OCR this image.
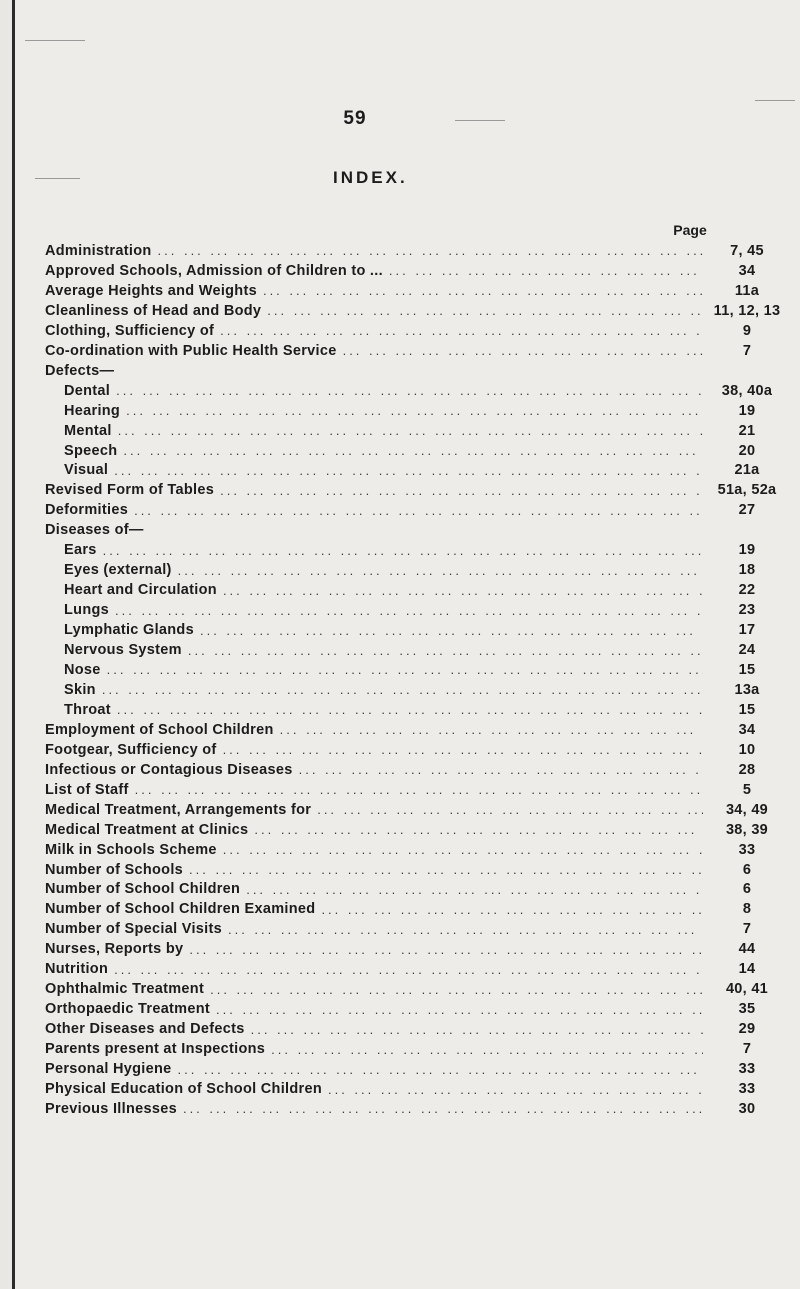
59
INDEX.
Page
Administration ... .	7, 45
Approved Schools, Admission of Children to ... ... .	34
Average Heights and Weights ... .	11a
Cleanliness of Head and Body ... .	11, 12, 13
Clothing, Sufficiency of ... .	9
Co-ordination with Public Health Service ... .	7
Defects—
Dental ... .	38, 40a
Hearing ... .	19
Mental ... .	21
Speech ... .	20
Visual ... .	21a
Revised Form of Tables ... .	51a, 52a
Deformities ... .	27
Diseases of—
Ears ... .	19
Eyes (external) ... .	18
Heart and Circulation ... .	22
Lungs ... .	23
Lymphatic Glands ... .	17
Nervous System ... .	24
Nose ... .	15
Skin ... .	13a
Throat ... .	15
Employment of School Children ... .	34
Footgear, Sufficiency of ... .	10
Infectious or Contagious Diseases ... .	28
List of Staff ... .	5
Medical Treatment, Arrangements for ... .	34, 49
Medical Treatment at Clinics ... .	38, 39
Milk in Schools Scheme ... .	33
Number of Schools ... .	6
Number of School Children ... .	6
Number of School Children Examined ... .	8
Number of Special Visits ... .	7
Nurses, Reports by ... .	44
Nutrition ... .	14
Ophthalmic Treatment ... .	40, 41
Orthopaedic Treatment ... .	35
Other Diseases and Defects ... .	29
Parents present at Inspections ... .	7
Personal Hygiene ... .	33
Physical Education of School Children ... .	33
Previous Illnesses ... .	30
